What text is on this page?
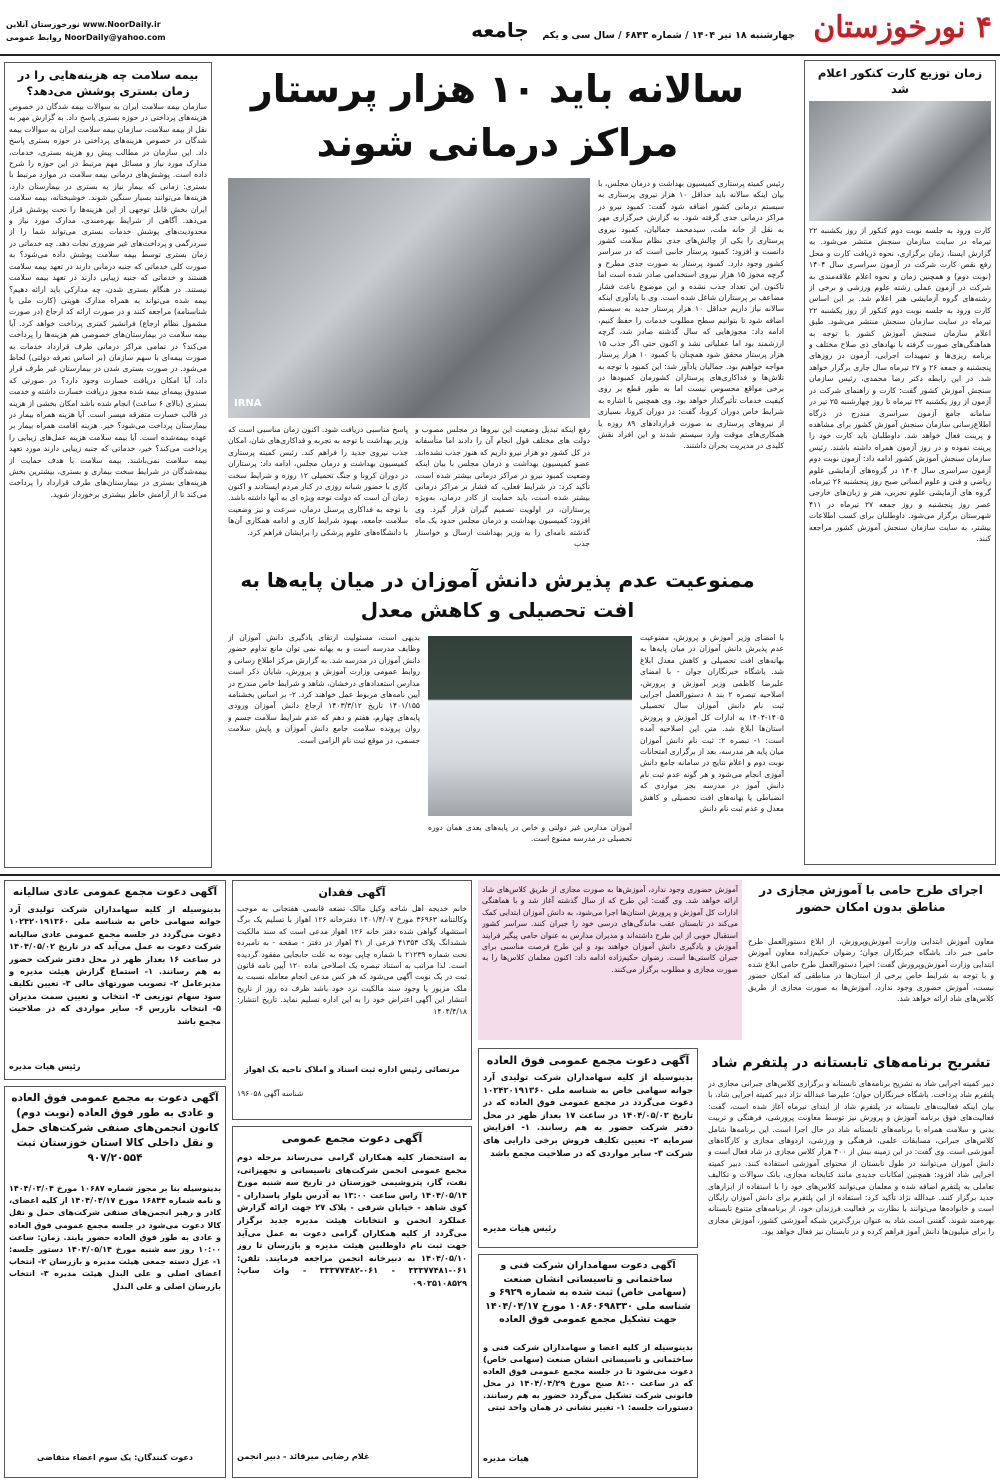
۴ نورخوزستان
چهارشنبه ۱۸ تیر ۱۴۰۴ / شماره ۶۸۴۳ / سال سی و یکم
جامعه
www.NoorDaily.ir نورخوزستان آنلاین
NoorDaily@yahoo.com روابط عمومی
زمان توزیع کارت کنکور اعلام شد
کارت ورود به جلسه نوبت دوم کنکور از روز یکشنبه ۲۲ تیرماه در سایت سازمان سنجش منتشر می‌شود. به گزارش ایسنا، زمان برگزاری، نحوه دریافت کارت و محل رفع نقص کارت شرکت در آزمون سراسری سال ۱۴۰۴ (نوبت دوم) و همچنین زمان و نحوه اعلام علاقه‌مندی به شرکت در آزمون عملی رشته علوم ورزشی و برخی از رشته‌های گروه آزمایشی هنر اعلام شد. بر این اساس کارت ورود به جلسه نوبت دوم کنکور از روز یکشنبه ۲۲ تیرماه در سایت سازمان سنجش منتشر می‌شود. طبق اعلام سازمان سنجش آموزش کشور با توجه به هماهنگی‌های صورت گرفته با نهادهای ذی صلاح مختلف و برنامه ریزی‌ها و تمهیدات اجرایی، آزمون در روزهای پنجشنبه و جمعه ۲۶ و ۲۷ تیرماه سال جاری برگزار خواهد شد. در این رابطه دکتر رضا محمدی، رئیس سازمان سنجش آموزش کشور گفت: کارت و راهنمای شرکت در آزمون از روز یکشنبه ۲۲ تیرماه تا روز چهارشنبه ۲۵ تیر در سامانه جامع آزمون سراسری مندرج در درگاه اطلاع‌رسانی سازمان سنجش آموزش کشور برای مشاهده و پرینت فعال خواهد شد. داوطلبان باید کارت خود را پرینت نموده و در روز آزمون همراه داشته باشند. رئیس سازمان سنجش آموزش کشور ادامه داد: آزمون نوبت دوم آزمون سراسری سال ۱۴۰۴ در گروه‌های آزمایشی علوم ریاضی و فنی و علوم انسانی صبح روز پنجشنبه ۲۶ تیرماه، گروه های آزمایشی علوم تجربی، هنر و زبان‌های خارجی عصر روز پنجشنبه و روز جمعه ۲۷ تیرماه در ۴۱۱ شهرستان برگزار می‌شود. داوطلبان برای کسب اطلاعات بیشتر، به سایت سازمان سنجش آموزش کشور مراجعه کنند.
سالانه باید ۱۰ هزار پرستار
مراکز درمانی شوند
رئیس کمیته پرستاری کمیسیون بهداشت و درمان مجلس، با بیان اینکه سالانه باید حداقل ۱۰ هزار نیروی پرستاری به سیستم درمانی کشور اضافه شود گفت: کمبود نیرو در مراکز درمانی جدی گرفته شود. به گزارش خبرگزاری مهر به نقل از خانه ملت، سیدمحمد جمالیان، کمبود نیروی پرستاری را یکی از چالش‌های جدی نظام سلامت کشور دانست و افزود: کمبود پرستار جانبی است که در سراسر کشور وجود دارد. کمبود پرستار به صورت جدی مطرح و گرچه مجوز ۱۵ هزار نیروی استخدامی صادر شده است اما تاکنون این تعداد جذب نشده و این موضوع باعث فشار مضاعف بر پرستاران شاغل شده است. وی با یادآوری اینکه سالانه نیاز داریم حداقل ۱۰ هزار پرستار جدید به سیستم اضافه شود تا بتوانیم سطح مطلوب خدمات را حفظ کنیم، ادامه داد: مجوزهایی که سال گذشته صادر شد، گرچه ارزشمند بود اما عملیاتی نشد و اکنون حتی اگر جذب ۱۵ هزار پرستار محقق شود همچنان با کمبود ۱۰ هزار پرستار مواجه خواهیم بود. جمالیان یادآور شد: این کمبود با توجه به تلاش‌ها و فداکاری‌های پرستاران کشورمان کمبودها در برخی مواقع محسوس نیست اما به طور قطع بر روی کیفیت خدمات تأثیرگذار خواهد بود. وی همچنین با اشاره به شرایط خاص دوران کرونا، گفت: در دوران کرونا، بسیاری از نیروهای پرستاری به صورت قراردادهای ۸۹ روزه یا همکاری‌های موقت وارد سیستم شدند و این افراد نقش کلیدی در مدیریت بحران داشتند.
IRNA
رفع اینکه تبدیل وضعیت این نیروها در مجلس مصوب و دولت های مختلف قول انجام آن را دادند اما متأسفانه در کل کشور دو هزار نیرو داریم که هنوز جذب نشده‌اند. عضو کمیسیون بهداشت و درمان مجلس با بیان اینکه وضعیت کمبود نیرو در مراکز درمانی بیشتر شده است، تأکید کرد: در شرایط فعلی، که فشار بر مراکز درمانی بیشتر شده است، باید حمایت از کادر درمان، به‌ویژه پرستاران، در اولویت تصمیم گیران قرار گیرد. وی افزود: کمیسیون بهداشت و درمان مجلس حدود یک ماه گذشته نامه‌ای را به وزیر بهداشت ارسال و خواستار جذب
پاسخ مناسبی دریافت شود. اکنون زمان مناسبی است که وزیر بهداشت با توجه به تجربه و فداکاری‌های شان، امکان جذب نیروی جدید را فراهم کند. رئیس کمیته پرستاری کمیسیون بهداشت و درمان مجلس، ادامه داد: پرستاران در دوران کرونا و جنگ تحمیلی ۱۲ روزه و شرایط سخت کاری با حضور شبانه روزی در کنار مردم ایستادند و اکنون زمان آن است که دولت توجه ویژه ای به آنها داشته باشد. با توجه به فداکاری پرسنل درمان، سرعت و نیز وضعیت سلامت جامعه، بهبود شرایط کاری و ادامه همکاری آن‌ها با دانشگاه‌های علوم پزشکی را برایشان فراهم کرد.
ممنوعیت عدم پذیرش دانش آموزان در میان پایه‌ها به
افت تحصیلی و کاهش معدل
با امضای وزیر آموزش و پرورش، ممنوعیت عدم پذیرش دانش آموزان در میان پایه‌ها به بهانه‌های افت تحصیلی و کاهش معدل ابلاغ شد. باشگاه خبرنگاران جوان - با امضای علیرضا کاظمی وزیر آموزش و پرورش، اصلاحیه تبصره ۲ بند ۸ دستورالعمل اجرایی ثبت نام دانش آموزان سال تحصیلی ۱۴۰۵-۱۴۰۴ به ادارات کل آموزش و پرورش استان‌ها ابلاغ شد. متن این اصلاحیه آمده است: ۱- تبصره ۲: ثبت نام دانش آموزان میان پایه هر مدرسه، بعد از برگزاری امتحانات نوبت دوم و اعلام نتایج در سامانه جامع دانش آموزی انجام می‌شود و هر گونه عدم ثبت نام دانش آموز در مدرسه بجز مواردی که انضباطی یا بهانه‌های افت تحصیلی و کاهش معدل و عدم ثبت نام دانش
آموزان مدارس غیر دولتی و خاص در پایه‌های بعدی همان دوره تحصیلی در مدرسه ممنوع است.
بدیهی است، مسئولیت ارتقای یادگیری دانش آموزان از وظایف مدرسه است و به بهانه نمی توان مانع تداوم حضور دانش آموزان در مدرسه شد. به گزارش مرکز اطلاع رسانی و روابط عمومی وزارت آموزش و پرورش، شایان ذکر است مدارس استعدادهای درخشان، شاهد و شرایط خاص مندرج در آیین نامه‌های مربوط عمل خواهند کرد. ۲- بر اساس بخشنامه ۱۴۰۱/۱۵۵ تاریخ ۱۴۰۳/۳/۱۲ ارجاع دانش آموزان ورودی پایه‌های چهارم، هفتم و دهم که عدم شرایط سلامت جسم و روان پرونده سلامت جامع دانش آموزان و پایش سلامت جسمی، در موقع ثبت نام الزامی است.
بیمه سلامت چه هزینه‌هایی را در زمان بستری پوشش می‌دهد؟
سازمان بیمه سلامت ایران به سوالات بیمه شدگان در خصوص هزینه‌های پرداختی در حوزه بستری پاسخ داد. به گزارش مهر به نقل از بیمه سلامت، سازمان بیمه سلامت ایران به سوالات بیمه شدگان در خصوص هزینه‌های پرداختی در حوزه بستری پاسخ داد. این سازمان در مطالب پیش رو هزینه بستری، خدمات، مدارک مورد نیاز و مسائل مهم مرتبط در این حوزه را شرح داده است. پوشش‌های درمانی بیمه سلامت در موارد مرتبط با بستری: زمانی که بیمار نیاز به بستری در بیمارستان دارد، هزینه‌ها می‌توانند بسیار سنگین شوند. خوشبختانه، بیمه سلامت ایران بخش قابل توجهی از این هزینه‌ها را تحت پوشش قرار می‌دهد. آگاهی از شرایط بهره‌مندی، مدارک مورد نیاز و محدودیت‌های پوشش خدمات بستری می‌تواند شما را از سردرگمی و پرداخت‌های غیر ضروری نجات دهد. چه خدماتی در زمان بستری توسط بیمه سلامت پوشش داده می‌شود؟ به صورت کلی خدماتی که جنبه درمانی دارند در تعهد بیمه سلامت هستند و خدماتی که جنبه زیبایی دارند در تعهد بیمه سلامت نیستند. در هنگام بستری شدن، چه مدارکی باید ارائه دهیم؟ بیمه شده می‌تواند به همراه مدارک هویتی (کارت ملی یا شناسنامه) مراجعه کنند و در صورت ارائه کد ارجاع (در صورت مشمول نظام ارجاع) فرانشیز کمتری پرداخت خواهد کرد. آیا بیمه سلامت در بیمارستان‌های خصوصی هم هزینه‌ها را پرداخت می‌کند؟ در تمامی مراکز درمانی طرف قرارداد خدمات به صورت بیمه‌ای با سهم سازمان (بر اساس تعرفه دولتی) لحاظ می‌شود. در صورت بستری شدن در بیمارستان غیر طرف قرار داد، آیا امکان دریافت خسارت وجود دارد؟ در صورتی که صندوق بیمه‌ای بیمه شده مجوز دریافت خسارت داشته و خدمت بستری (بالای ۶ ساعت) انجام شده باشد امکان بخشی از هزینه در قالب خسارت متفرقه میسر است. آیا هزینه همراه بیمار در بیمارستان پرداخت می‌شود؟ خیر. هزینه اقامت همراه بیمار بر عهده بیمه‌شده است. آیا بیمه سلامت هزینه عمل‌های زیبایی را پرداخت می‌کند؟ خیر، خدماتی که جنبه زیبایی دارند مورد تعهد بیمه سلامت نمی‌باشند. بیمه سلامت با هدف حمایت از بیمه‌شدگان در شرایط سخت بیماری و بستری، بیشترین بخش هزینه‌های بستری در بیمارستان‌های طرف قرارداد را پرداخت می‌کند تا از آرامش خاطر بیشتری برخوردار شوید.
اجرای طرح حامی با آموزش مجازی در مناطق بدون امکان حضور
معاون آموزش ابتدایی وزارت آموزش‌وپرورش، از ابلاغ دستورالعمل طرح حامی خبر داد. باشگاه خبرنگاران جوان؛ رضوان حکیم‌زاده معاون آموزش ابتدایی وزارت آموزش‌وپرورش گفت: اخیرا دستورالعمل طرح حامی ابلاغ شده و با توجه به شرایط خاص برخی از استان‌ها در مناطقی که امکان حضور نیست، آموزش حضوری وجود ندارد، آموزش‌ها به صورت مجازی از طریق کلاس‌های شاد ارائه خواهد شد.
آموزش حضوری وجود ندارد، آموزش‌ها به صورت مجازی از طریق کلاس‌های شاد ارائه خواهد شد. وی گفت: این طرح که از سال گذشته آغاز شد و با هماهنگی ادارات کل آموزش و پرورش استان‌ها اجرا می‌شود، به دانش آموزان ابتدایی کمک می‌کند در تابستان عقب ماندگی‌های درسی خود را جبران کنند. سراسر کشور استقبال خوبی از این طرح داشته‌اند و مدیران مدارس به عنوان حامی پیگیر فرایند آموزش و یادگیری دانش آموزان خواهند بود و این طرح فرصت مناسبی برای جبران کاستی‌ها است. رضوان حکیم‌زاده ادامه داد: اکنون معلمان کلاس‌ها را به صورت مجازی و مطلوب برگزار می‌کنند.
تشریح برنامه‌های تابستانه در پلتفرم شاد
دبیر کمیته اجرایی شاد به تشریح برنامه‌های تابستانه و برگزاری کلاس‌های جبرانی مجازی در پلتفرم شاد پرداخت. باشگاه خبرنگاران جوان؛ علیرضا عبدالله نژاد دبیر کمیته اجرایی شاد، با بیان اینکه فعالیت‌های تابستانه در پلتفرم شاد از ابتدای تیرماه آغاز شده است، گفت: فعالیت‌های فوق برنامه آموزش و پرورش نیز توسط معاونت پرورشی، فرهنگی و تربیت بدنی و سلامت همراه با برنامه‌های تابستانه شاد در حال اجرا است. این برنامه‌ها شامل کلاس‌های جبرانی، مسابقات علمی، فرهنگی و ورزشی، اردوهای مجازی و کارگاه‌های آموزشی است. وی گفت: در این زمینه بیش از ۴۰۰ هزار کلاس مجازی در شاد فعال است و دانش آموزان می‌توانند در طول تابستان از محتوای آموزشی استفاده کنند. دبیر کمیته اجرایی شاد افزود: همچنین امکانات جدیدی مانند کتابخانه مجازی، بانک سوالات و تکالیف تعاملی به پلتفرم اضافه شده و معلمان می‌توانند کلاس‌های خود را با استفاده از ابزارهای جدید برگزار کنند. عبدالله نژاد تأکید کرد: استفاده از این پلتفرم برای دانش آموزان رایگان است و خانواده‌ها می‌توانند با نظارت بر فعالیت فرزندان خود، از برنامه‌های متنوع تابستانه بهره‌مند شوند. گفتنی است شاد به عنوان بزرگ‌ترین شبکه آموزشی کشور، آموزش مجازی را برای میلیون‌ها دانش آموز فراهم کرده و در تابستان نیز فعال خواهد بود.
آگهی دعوت مجمع عمومی فوق العاده
بدینوسیله از کلیه سهامداران شرکت تولیدی آرد جوانه سهامی خاص به شناسه ملی ۱۰۲۴۲۰۱۹۱۳۶۰ دعوت می‌گردد در مجمع عمومی فوق العاده که در تاریخ ۱۴۰۴/۰۵/۰۲ در ساعت ۱۷ بعداز ظهر در محل دفتر شرکت حضور به هم رسانند. ۱- افزایش سرمایه ۲- تعیین تکلیف فروش برخی دارایی های شرکت ۳- سایر مواردی که در صلاحیت مجمع باشد
رئیس هیات مدیره
آگهی دعوت سهامداران شرکت فنی و ساختمانی و تاسیساتی انشان صنعت (سهامی خاص) ثبت شده به شماره ۶۹۲۹ و شناسه ملی ۱۰۸۶۰۶۹۸۳۳۰ مورخ ۱۴۰۴/۰۴/۱۷ جهت تشکیل مجمع عمومی فوق العاده
بدینوسیله از کلیه اعضا و سهامداران شرکت فنی و ساختمانی و تاسیساتی انشان صنعت (سهامی خاص) دعوت می‌شود تا در جلسه مجمع عمومی فوق العاده که در ساعت ۸:۰۰ صبح مورخ ۱۴۰۴/۰۴/۲۹ در محل قانونی شرکت تشکیل می‌گردد حضور به هم رسانند. دستورات جلسه: ۱- تغییر نشانی در همان واحد ثبتی
هیات مدیره
آگهی فقدان
خانم خدیجه اهل شاخه وکیل مالک تضعه قانسی هفتجانی به موجب وکالتنامه ۳۶۹۶۳ مورخ ۱۴۰۱/۴/۰۷ دفترخانه ۱۲۶ اهواز با تسلیم یک برگ استشهاد گواهی شده دفتر خانه ۱۲۶ اهواز مدعی است که سند مالکیت ششدانگ پلاک ۴۱۳۵۳ فرعی از ۴۱ اهواز در دفتر - صفحه - به نامبرده تحت شماره ۲۱۲۳۹ با شماره چاپی بوده به علت جابجایی مفقود گردیده است. لذا مراتب به استناد تبصره یک اصلاحی ماده ۱۲۰ آیین نامه قانون ثبت در یک نوبت آگهی می‌شود که هر کس مدعی انجام معامله نسبت به ملک مزبور یا وجود سند مالکیت نزد خود باشد ظرف ده روز از تاریخ انتشار این آگهی اعتراض خود را به این اداره تسلیم نماید. تاریخ انتشار: ۱۴۰۴/۴/۱۸
مرتضائی رئیس اداره ثبت اسناد و املاک ناحیه یک اهواز
شناسه آگهی ۱۹۶۰۵۸
آگهی دعوت مجمع عمومی
به استحضار کلیه همکاران گرامی می‌رساند مرحله دوم مجمع عمومی انجمن شرکت‌های تاسیساتی و تجهیزاتی، نفت، گاز، پتروشیمی خوزستان در تاریخ سه شنبه مورخ ۱۴۰۴/۰۵/۱۴ راس ساعت ۱۳:۰۰ به آدرس بلوار پاسداران - کوی شاهد - خیابان شرقی - پلاک ۲۷ جهت ارائه گزارش عملکرد انجمن و انتخابات هیئت مدیره جدید برگزار می‌گردد از کلیه همکاران گرامی دعوت به عمل می‌آید جهت ثبت نام داوطلبین هیئت مدیره و بازرسان تا روز ۱۴۰۴/۰۵/۱۰ به دبیرخانه انجمن مراجعه فرمایند. تلفن: ۰۶۱-۳۳۳۷۷۴۸۱ - ۰۶۱-۳۳۳۷۷۴۸۲ - وات ساپ: ۰۹۰۳۵۱۰۸۵۲۹
غلام رضایی میرقائد - دبیر انجمن
آگهی دعوت مجمع عمومی عادی سالیانه
بدینوسیله از کلیه سهامداران شرکت تولیدی آرد جوانه سهامی خاص به شناسه ملی ۱۰۲۴۲۰۱۹۱۳۶۰ دعوت می‌گردد در جلسه مجمع عمومی عادی سالیانه شرکت دعوت به عمل می‌آید که در تاریخ ۱۴۰۴/۰۵/۰۲ در ساعت ۱۶ بعداز ظهر در محل دفتر شرکت حضور به هم رسانند. ۱- استماع گزارش هیئت مدیره و مدیرعامل ۲- تصویب صورتهای مالی ۳- تعیین تکلیف سود سهام توزیعی ۴- انتخاب و تعیین سمت مدیران ۵- انتخاب بازرس ۶- سایر مواردی که در صلاحیت مجمع باشد
رئیس هیات مدیره
آگهی دعوت به مجمع عمومی فوق العاده و عادی به طور فوق العاده (نوبت دوم) کانون انجمن‌های صنفی شرکت‌های حمل و نقل داخلی کالا استان خوزستان ثبت ۹۰۷/۲۰۵۵۴
بدینوسیله بنا بر مجوز شماره ۱۰۶۸۷ مورخ ۱۴۰۴/۰۳/۰۴ و نامه شماره ۱۶۸۴۴ مورخ ۱۴۰۴/۰۴/۱۷ از کلیه اعضای، کادر و رهبر انجمن‌های صنفی شرکت‌های حمل و نقل کالا دعوت می‌شود در جلسه مجمع عمومی فوق العاده و عادی به طور فوق العاده حضور یابند. زمان: ساعت ۱۰:۰۰ روز سه شنبه مورخ ۱۴۰۴/۰۵/۱۴ دستور جلسه: ۱- عزل دسته جمعی هیئت مدیره و بازرسان ۲- انتخاب اعضای اصلی و علی البدل هیئت مدیره ۳- انتخاب بازرسان اصلی و علی البدل
دعوت کنندگان: یک سوم اعضاء متقاضی
